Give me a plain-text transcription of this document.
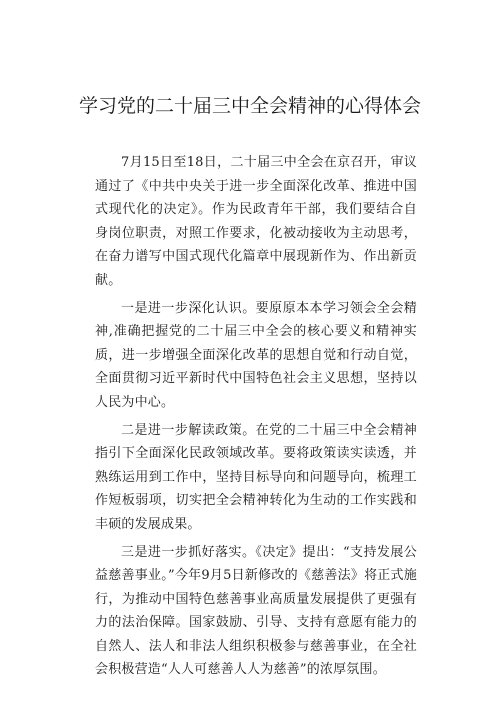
学习党的二十届三中全会精神的心得体会

7月15日至18日，二十届三中全会在京召开，审议通过了《中共中央关于进一步全面深化改革、推进中国式现代化的决定》。作为民政青年干部，我们要结合自身岗位职责，对照工作要求，化被动接收为主动思考，在奋力谱写中国式现代化篇章中展现新作为、作出新贡献。

一是进一步深化认识。要原原本本学习领会全会精神,准确把握党的二十届三中全会的核心要义和精神实质，进一步增强全面深化改革的思想自觉和行动自觉，全面贯彻习近平新时代中国特色社会主义思想，坚持以人民为中心。

二是进一步解读政策。在党的二十届三中全会精神指引下全面深化民政领域改革。要将政策读实读透，并熟练运用到工作中，坚持目标导向和问题导向，梳理工作短板弱项，切实把全会精神转化为生动的工作实践和丰硕的发展成果。

三是进一步抓好落实。《决定》提出：“支持发展公益慈善事业。”今年9月5日新修改的《慈善法》将正式施行，为推动中国特色慈善事业高质量发展提供了更强有力的法治保障。国家鼓励、引导、支持有意愿有能力的自然人、法人和非法人组织积极参与慈善事业，在全社会积极营造“人人可慈善人人为慈善”的浓厚氛围。
